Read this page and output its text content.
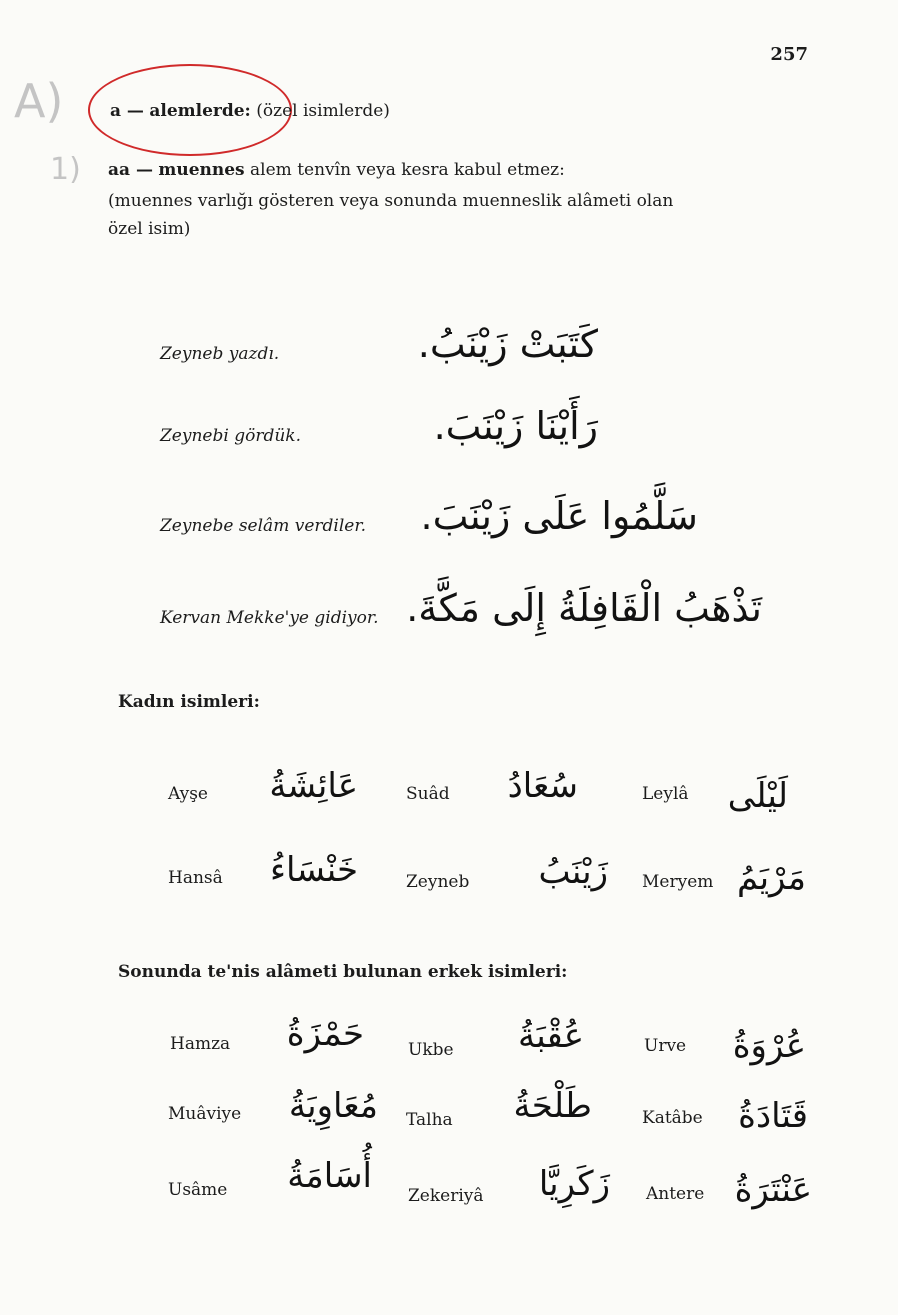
257
A)
1)
a — alemlerde: (özel isimlerde)
aa — muennes alem tenvîn veya kesra kabul etmez:
(muennes varlığı gösteren veya sonunda muenneslik alâmeti olan
özel isim)
Zeyneb yazdı.	كَتَبَتْ زَيْنَبُ.
Zeynebi gördük.	رَأَيْنَا زَيْنَبَ.
Zeynebe selâm verdiler. سَلَّمُوا عَلَى زَيْنَبَ.
Kervan Mekke'ye gidiyor. تَذْهَبُ الْقَافِلَةُ إِلَى مَكَّةَ.
Kadın isimleri:
Ayşe عَائِشَةُ	Suâd سُعَادُ	Leylâ لَيْلَى
Hansâ خَنْسَاءُ	Zeyneb زَيْنَبُ Meryem مَرْيَمُ
Sonunda te'nis alâmeti bulunan erkek isimleri:
Hamza حَمْزَةُ	Ukbe عُقْبَةُ	Urve عُرْوَةُ
Muâviye مُعَاوِيَةُ Talha طَلْحَةُ	Katâbe قَتَادَةُ
Usâme أُسَامَةُ Zekeriyâ زَكَرِيَّا Antere عَنْتَرَةُ
